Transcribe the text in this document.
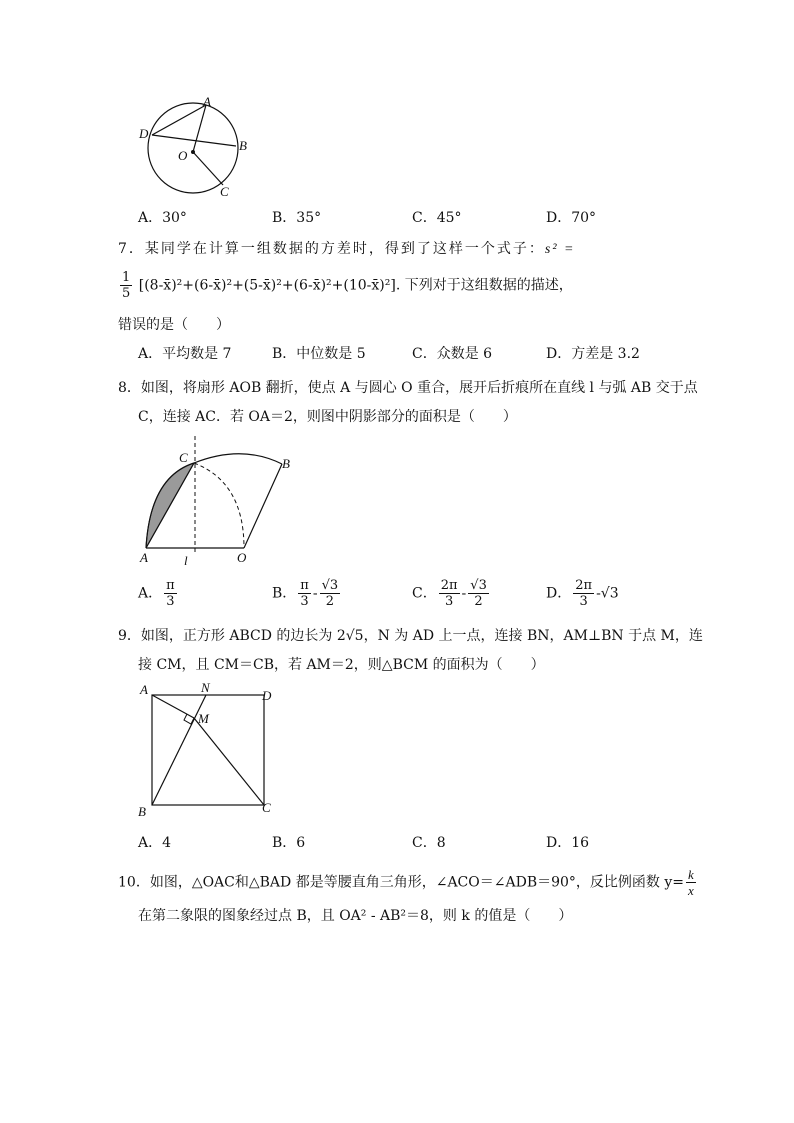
A
D
O
B
C
A．30°	B．35°	C．45°	D．70°
7．某同学在计算一组数据的方差时，得到了这样一个式子：s² =
$\frac{1}{5}$ [(8-x̄)²+(6-x̄)²+(5-x̄)²+(6-x̄)²+(10-x̄)²]. 下列对于这组数据的描述，
错误的是（　　）
A．平均数是 7	B．中位数是 5	C．众数是 6	D．方差是 3.2
8．如图，将扇形 AOB 翻折，使点 A 与圆心 O 重合，展开后折痕所在直线 l 与弧 AB 交于点
C，连接 AC．若 OA＝2，则图中阴影部分的面积是（　　）
C	B
A	l	O
A． $\frac{\pi}{3}$	B． $\frac{\pi}{3} - \frac{√3}{2}$	C． $\frac{2\pi}{3} - \frac{√3}{2}$	D． $\frac{2\pi}{3} -√3$
9．如图，正方形 ABCD 的边长为 2√5，N 为 AD 上一点，连接 BN，AM⊥BN 于点 M，连
接 CM，且 CM＝CB，若 AM＝2，则△BCM 的面积为（　　）
A	N
D
M
B	C
A．4	B．6	C．8	D．16
10．如图，△OAC和△BAD 都是等腰直角三角形，∠ACO＝∠ADB＝90°，反比例函数 $y= \frac{k}{x}$
在第二象限的图象经过点 B，且 OA² - AB²＝8，则 k 的值是（　　）
